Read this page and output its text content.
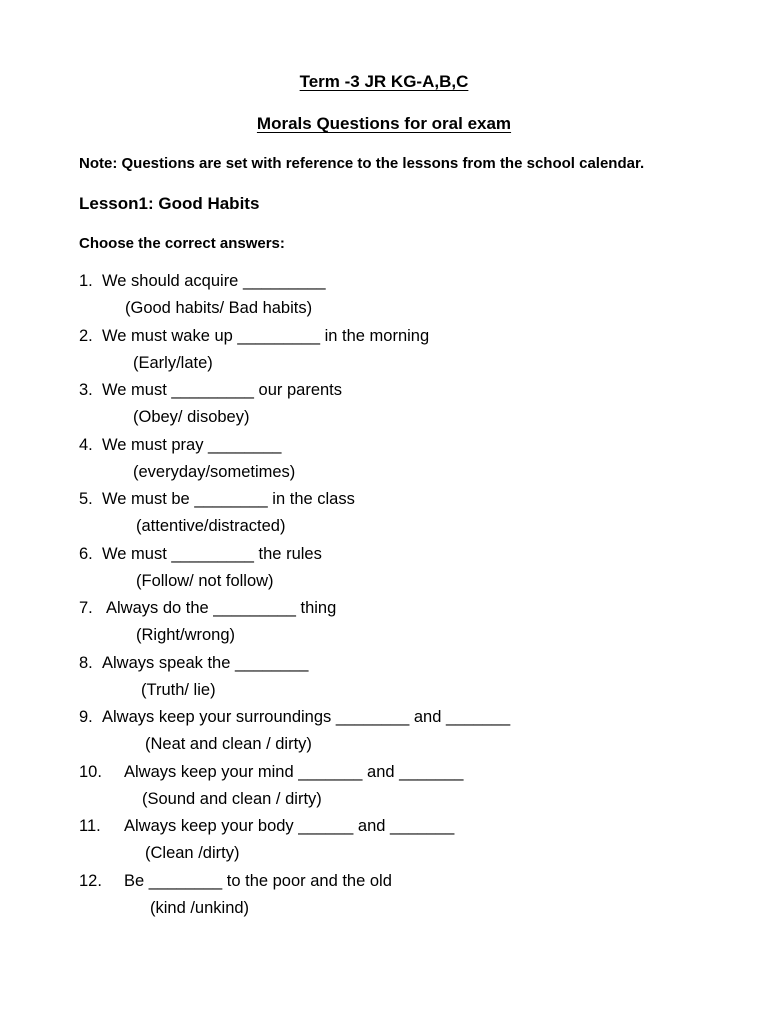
Term -3 JR KG-A,B,C
Morals Questions for oral exam
Note: Questions are set with reference to the lessons from the school calendar.
Lesson1: Good Habits
Choose the correct answers:
1. We should acquire _________
(Good habits/ Bad habits)
2. We must wake up _________ in the morning
(Early/late)
3. We must _________ our parents
(Obey/ disobey)
4. We must pray ________
(everyday/sometimes)
5. We must be ________ in the class
(attentive/distracted)
6. We must _________ the rules
(Follow/ not follow)
7. Always do the _________ thing
(Right/wrong)
8. Always speak the ________
(Truth/ lie)
9. Always keep your surroundings ________ and _______
(Neat and clean / dirty)
10. Always keep your mind _______ and _______
(Sound and clean / dirty)
11. Always keep your body ______ and _______
(Clean /dirty)
12. Be ________ to the poor and the old
(kind /unkind)
